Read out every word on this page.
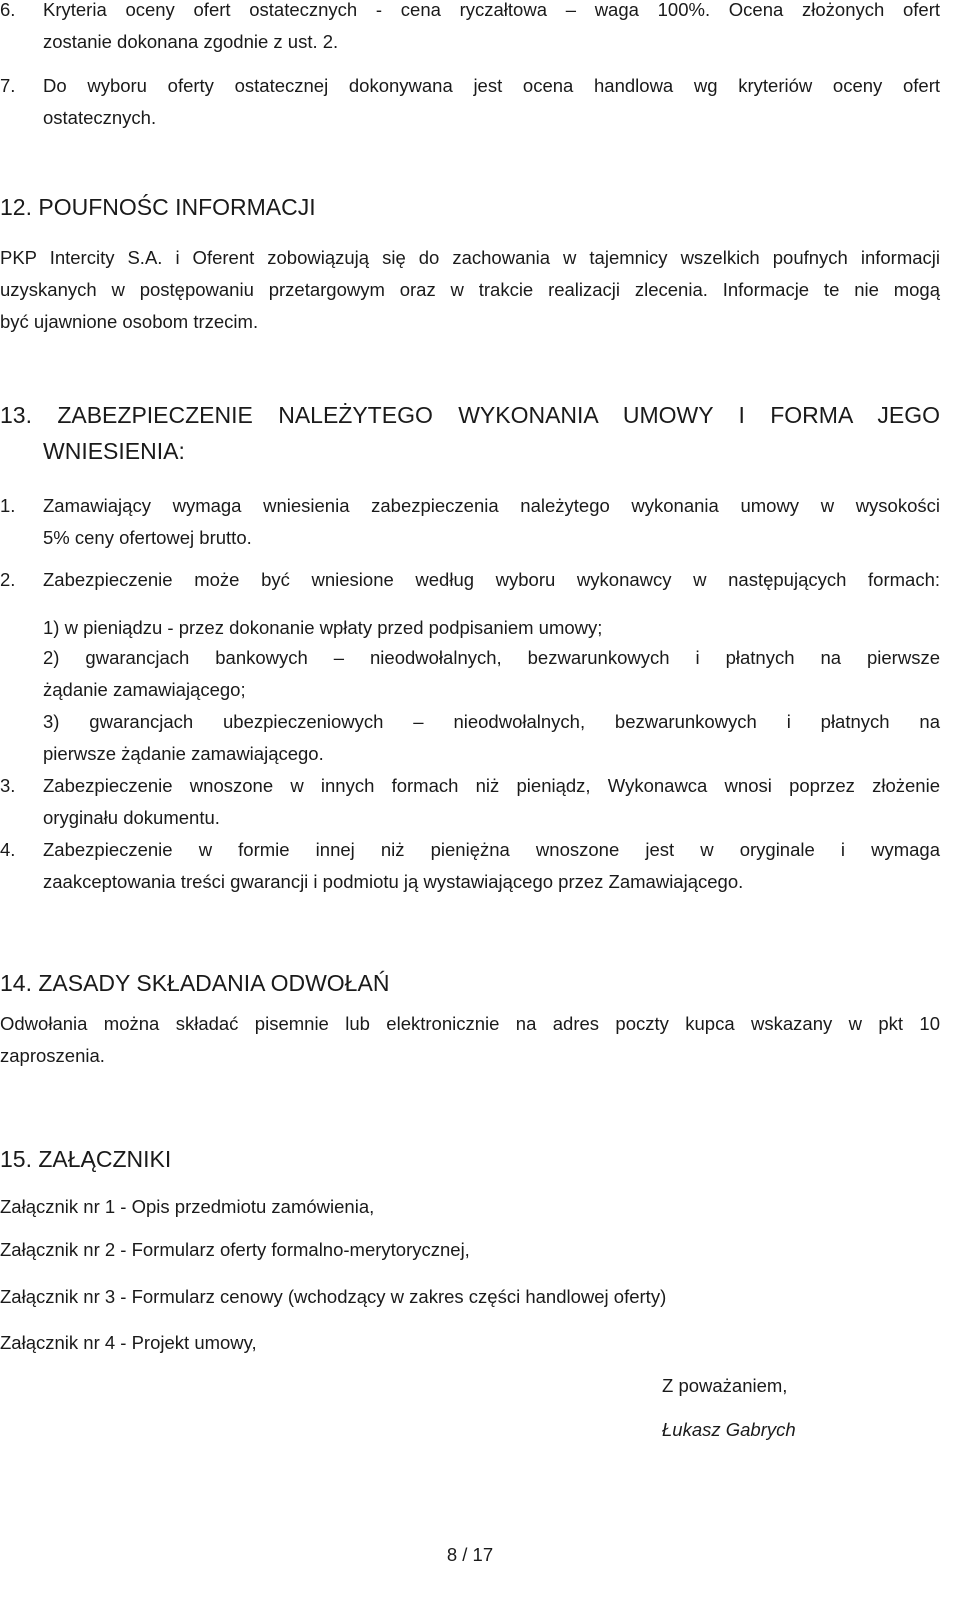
6. Kryteria oceny ofert ostatecznych - cena ryczałtowa – waga 100%. Ocena złożonych ofert
zostanie dokonana zgodnie z ust. 2.
7. Do wyboru oferty ostatecznej dokonywana jest ocena handlowa wg kryteriów oceny ofert
ostatecznych.
12. POUFNOŚC INFORMACJI
PKP Intercity S.A. i Oferent zobowiązują się do zachowania w tajemnicy wszelkich poufnych informacji
uzyskanych w postępowaniu przetargowym oraz w trakcie realizacji zlecenia. Informacje te nie mogą
być ujawnione osobom trzecim.
13. ZABEZPIECZENIE NALEŻYTEGO WYKONANIA UMOWY I FORMA JEGO
WNIESIENIA:
1. Zamawiający wymaga wniesienia zabezpieczenia należytego wykonania umowy w wysokości
5% ceny ofertowej brutto.
2. Zabezpieczenie może być wniesione według wyboru wykonawcy w następujących formach:
1) w pieniądzu - przez dokonanie wpłaty przed podpisaniem umowy;
2) gwarancjach bankowych – nieodwołalnych, bezwarunkowych i płatnych na pierwsze
żądanie zamawiającego;
3) gwarancjach ubezpieczeniowych – nieodwołalnych, bezwarunkowych i płatnych na
pierwsze żądanie zamawiającego.
3. Zabezpieczenie wnoszone w innych formach niż pieniądz, Wykonawca wnosi poprzez złożenie
oryginału dokumentu.
4. Zabezpieczenie w formie innej niż pieniężna wnoszone jest w oryginale i wymaga
zaakceptowania treści gwarancji i podmiotu ją wystawiającego przez Zamawiającego.
14. ZASADY SKŁADANIA ODWOŁAŃ
Odwołania można składać pisemnie lub elektronicznie na adres poczty kupca wskazany w pkt 10
zaproszenia.
15. ZAŁĄCZNIKI
Załącznik nr 1 - Opis przedmiotu zamówienia,
Załącznik nr 2 - Formularz oferty formalno-merytorycznej,
Załącznik nr 3 - Formularz cenowy (wchodzący w zakres części handlowej oferty)
Załącznik nr 4 - Projekt umowy,
Z poważaniem,
Łukasz Gabrych
8 / 17
